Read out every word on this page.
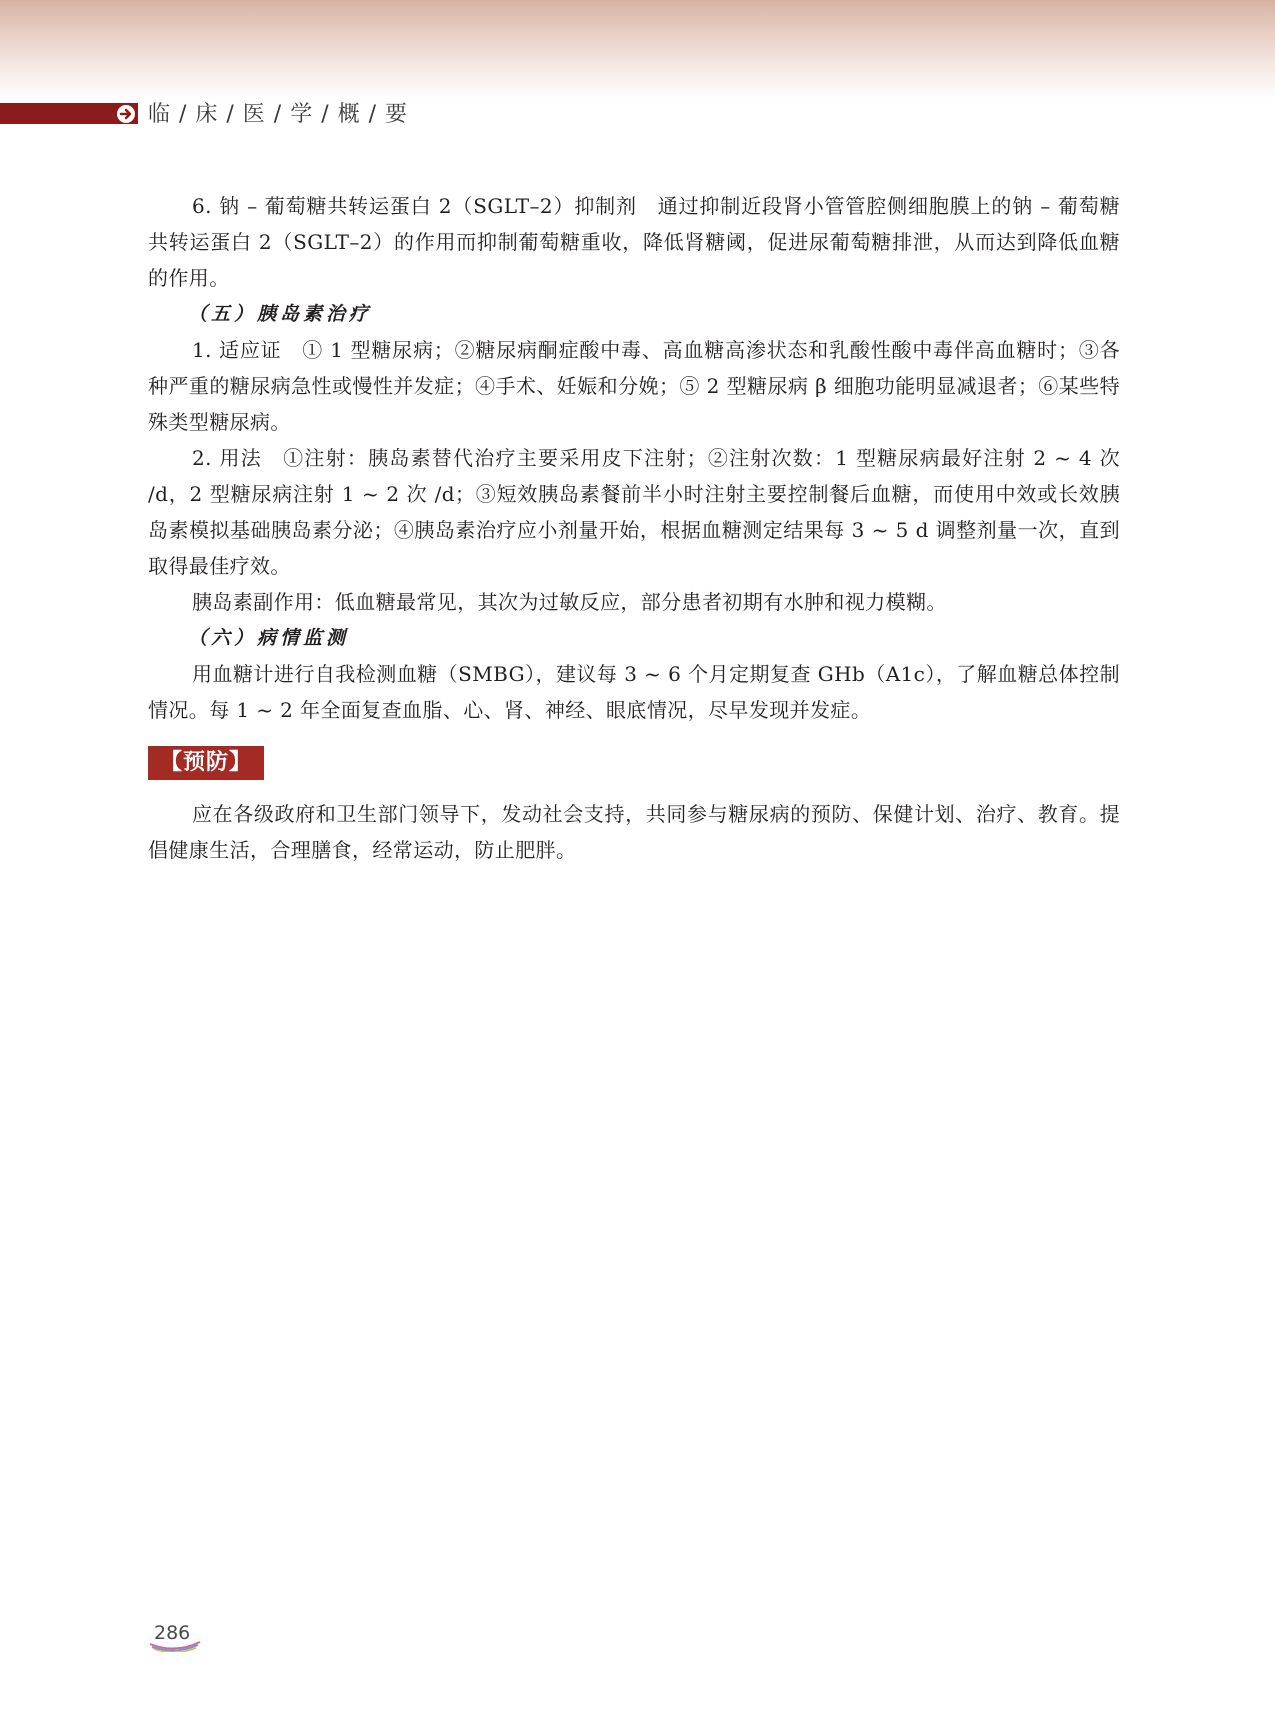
临 / 床 / 医 / 学 / 概 / 要

6. 钠 – 葡萄糖共转运蛋白 2（SGLT–2）抑制剂　通过抑制近段肾小管管腔侧细胞膜上的钠 – 葡萄糖共转运蛋白 2（SGLT–2）的作用而抑制葡萄糖重收，降低肾糖阈，促进尿葡萄糖排泄，从而达到降低血糖的作用。

（五）胰岛素治疗

1. 适应证　① 1 型糖尿病；②糖尿病酮症酸中毒、高血糖高渗状态和乳酸性酸中毒伴高血糖时；③各种严重的糖尿病急性或慢性并发症；④手术、妊娠和分娩；⑤ 2 型糖尿病 β 细胞功能明显减退者；⑥某些特殊类型糖尿病。

2. 用法　①注射：胰岛素替代治疗主要采用皮下注射；②注射次数：1 型糖尿病最好注射 2 ~ 4 次 /d，2 型糖尿病注射 1 ~ 2 次 /d；③短效胰岛素餐前半小时注射主要控制餐后血糖，而使用中效或长效胰岛素模拟基础胰岛素分泌；④胰岛素治疗应小剂量开始，根据血糖测定结果每 3 ~ 5 d 调整剂量一次，直到取得最佳疗效。

胰岛素副作用：低血糖最常见，其次为过敏反应，部分患者初期有水肿和视力模糊。

（六）病情监测

用血糖计进行自我检测血糖（SMBG），建议每 3 ~ 6 个月定期复查 GHb（A1c），了解血糖总体控制情况。每 1 ~ 2 年全面复查血脂、心、肾、神经、眼底情况，尽早发现并发症。

【预防】

应在各级政府和卫生部门领导下，发动社会支持，共同参与糖尿病的预防、保健计划、治疗、教育。提倡健康生活，合理膳食，经常运动，防止肥胖。

286
